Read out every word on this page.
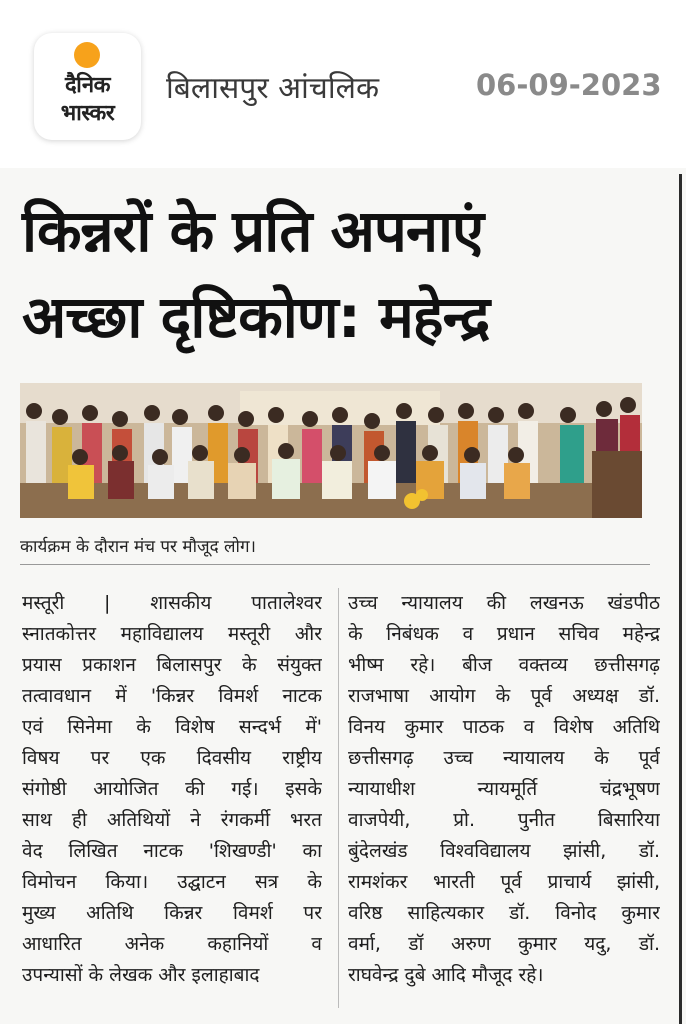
दैनिक
भास्कर
बिलासपुर आंचलिक	06-09-2023
किन्नरों के प्रति अपनाएं
अच्छा दृष्टिकोण: महेन्द्र
कार्यक्रम के दौरान मंच पर मौजूद लोग।
मस्तूरी | शासकीय पातालेश्वर
स्नातकोत्तर महाविद्यालय मस्तूरी और
प्रयास प्रकाशन बिलासपुर के संयुक्त
तत्वावधान में 'किन्नर विमर्श नाटक
एवं सिनेमा के विशेष सन्दर्भ में'
विषय पर एक दिवसीय राष्ट्रीय
संगोष्ठी आयोजित की गई। इसके
साथ ही अतिथियों ने रंगकर्मी भरत
वेद लिखित नाटक 'शिखण्डी' का
विमोचन किया। उद्घाटन सत्र के
मुख्य अतिथि किन्नर विमर्श पर
आधारित अनेक कहानियों व
उपन्यासों के लेखक और इलाहाबाद
उच्च न्यायालय की लखनऊ खंडपीठ
के निबंधक व प्रधान सचिव महेन्द्र
भीष्म रहे। बीज वक्तव्य छत्तीसगढ़
राजभाषा आयोग के पूर्व अध्यक्ष डॉ.
विनय कुमार पाठक व विशेष अतिथि
छत्तीसगढ़ उच्च न्यायालय के पूर्व
न्यायाधीश न्यायमूर्ति चंद्रभूषण
वाजपेयी, प्रो. पुनीत बिसारिया
बुंदेलखंड विश्वविद्यालय झांसी, डॉ.
रामशंकर भारती पूर्व प्राचार्य झांसी,
वरिष्ठ साहित्यकार डॉ. विनोद कुमार
वर्मा, डॉ अरुण कुमार यदु, डॉ.
राघवेन्द्र दुबे आदि मौजूद रहे।
